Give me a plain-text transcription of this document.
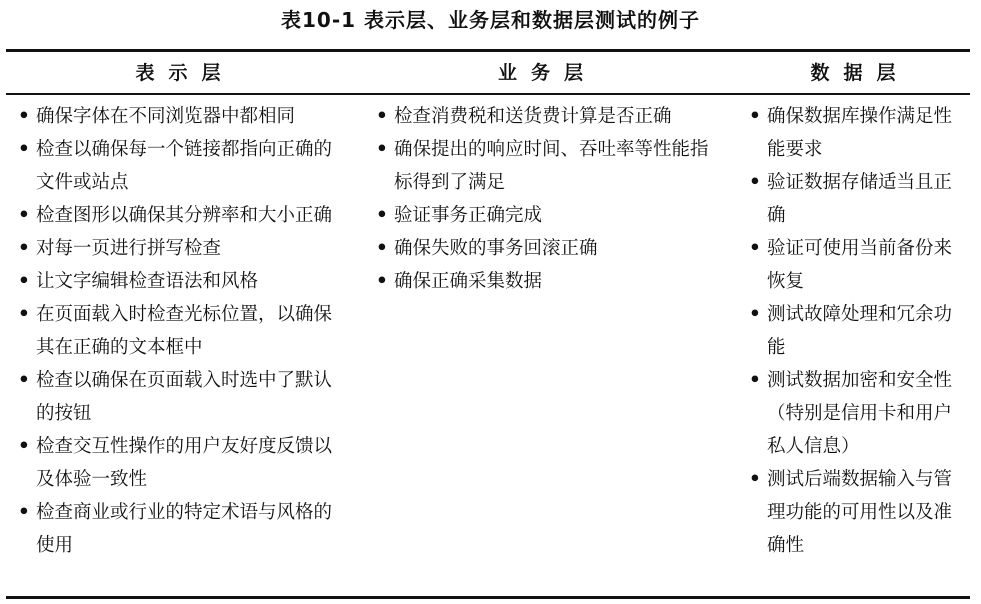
表10-1 表示层、业务层和数据层测试的例子
表示层	业务层	数据层
• 确保字体在不同浏览器中都相同
• 检查以确保每一个链接都指向正确的文件或站点
• 检查图形以确保其分辨率和大小正确
• 对每一页进行拼写检查
• 让文字编辑检查语法和风格
• 在页面载入时检查光标位置，以确保其在正确的文本框中
• 检查以确保在页面载入时选中了默认的按钮
• 检查交互性操作的用户友好度反馈以及体验一致性
• 检查商业或行业的特定术语与风格的使用
• 检查消费税和送货费计算是否正确
• 确保提出的响应时间、吞吐率等性能指标得到了满足
• 验证事务正确完成
• 确保失败的事务回滚正确
• 确保正确采集数据
• 确保数据库操作满足性能要求
• 验证数据存储适当且正确
• 验证可使用当前备份来恢复
• 测试故障处理和冗余功能
• 测试数据加密和安全性（特别是信用卡和用户私人信息）
• 测试后端数据输入与管理功能的可用性以及准确性
